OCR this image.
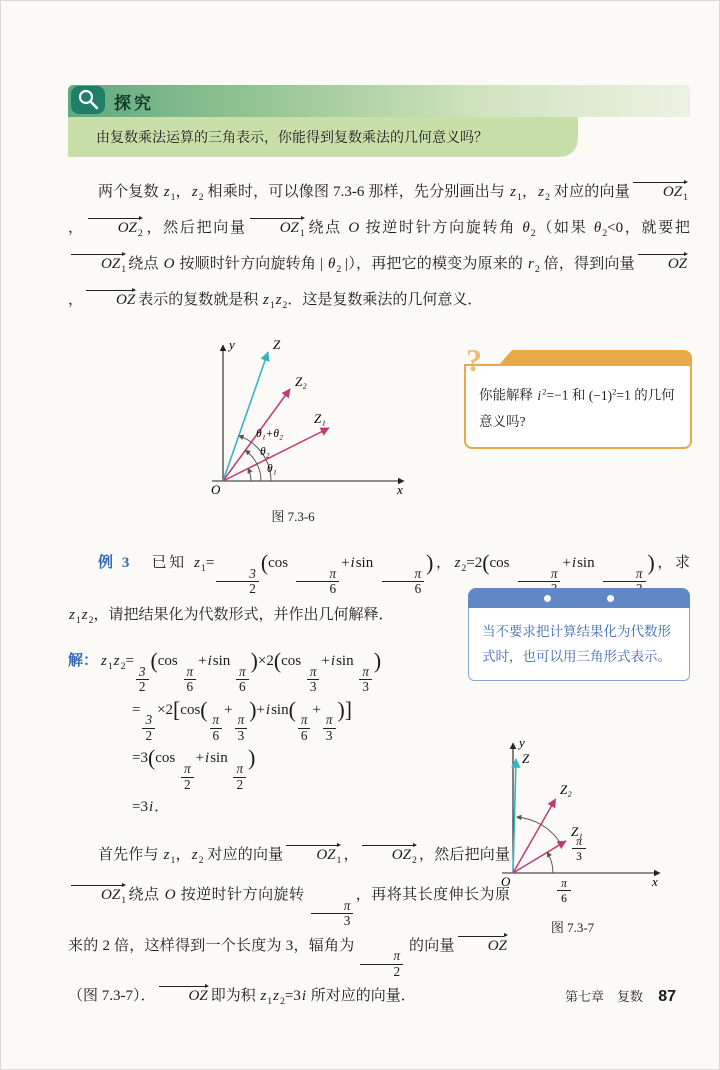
探究
由复数乘法运算的三角表示，你能得到复数乘法的几何意义吗？

两个复数 $z_1$，$z_2$ 相乘时，可以像图 7.3-6 那样，先分别画出与 $z_1$，$z_2$ 对应的向量 $OZ_1$， $OZ_2$ ，然后把向量 $OZ_1$ 绕点 O 按逆时针方向旋转角 $\theta_2$（如果 $\theta_2<0$，就要把$OZ_1$ 绕点 O 按顺时针方向旋转角 | $\theta_2$ |），再把它的模变为原来的 $r_2$ 倍，得到向量 OZ， OZ 表示的复数就是积 $z_1z_2$．这是复数乘法的几何意义．

y
x
O
Z
Z₂
Z₁
θ₁+θ₂
θ₂
θ₁
图 7.3-6

例 3　已知 $z_1=$
$\frac{3}{2}$
(cos
$\frac{\pi}{6}$
+isin
$\frac{\pi}{6}$
)，$z_2=2(\cos$
π
+isin
π )，求 $z_1z_2$，请把结果化为代数形式，并作出几何解释．

解： $z_1z_2=$
$\frac{3}{2}$
(cos
$\frac{\pi}{6}$
+isin
$\frac{\pi}{6}$
)×2(cos
$\frac{\pi}{3}$
+isin
$\frac{\pi}{3}$
)
=
$\frac{3}{2}$
×2[cos(
$\frac{\pi}{6}$
+
$\frac{\pi}{3}$
)+isin(
$\frac{\pi}{6}$
+
$\frac{\pi}{3}$
)]
=3(cos
$\frac{\pi}{2}$
+isin
$\frac{\pi}{2}$
)
=3i．

首先作与 $z_1$，$z_2$ 对应的向量 $OZ_1$ ， $OZ_2$ ，然后把向量$OZ_1$ 绕点 O 按逆时针方向旋转
$\frac{\pi}{3}$
，再将其长度伸长为原来的 2 倍，这样得到一个长度为 3，辐角为
$\frac{\pi}{2}$
的向量 OZ（图 7.3-7）． OZ 即为积 $z_1z_2=3i$ 所对应的向量．

?
你能解释 $i^2=-1$ 和 $(-1)^2=1$ 的几何意义吗?
当不要求把计算结果化为代数形式时，也可以用三角形式表示。
y
x
O
Z
Z₂
Z₁
π
3
π
6
图 7.3-7
第七章　复数 87
